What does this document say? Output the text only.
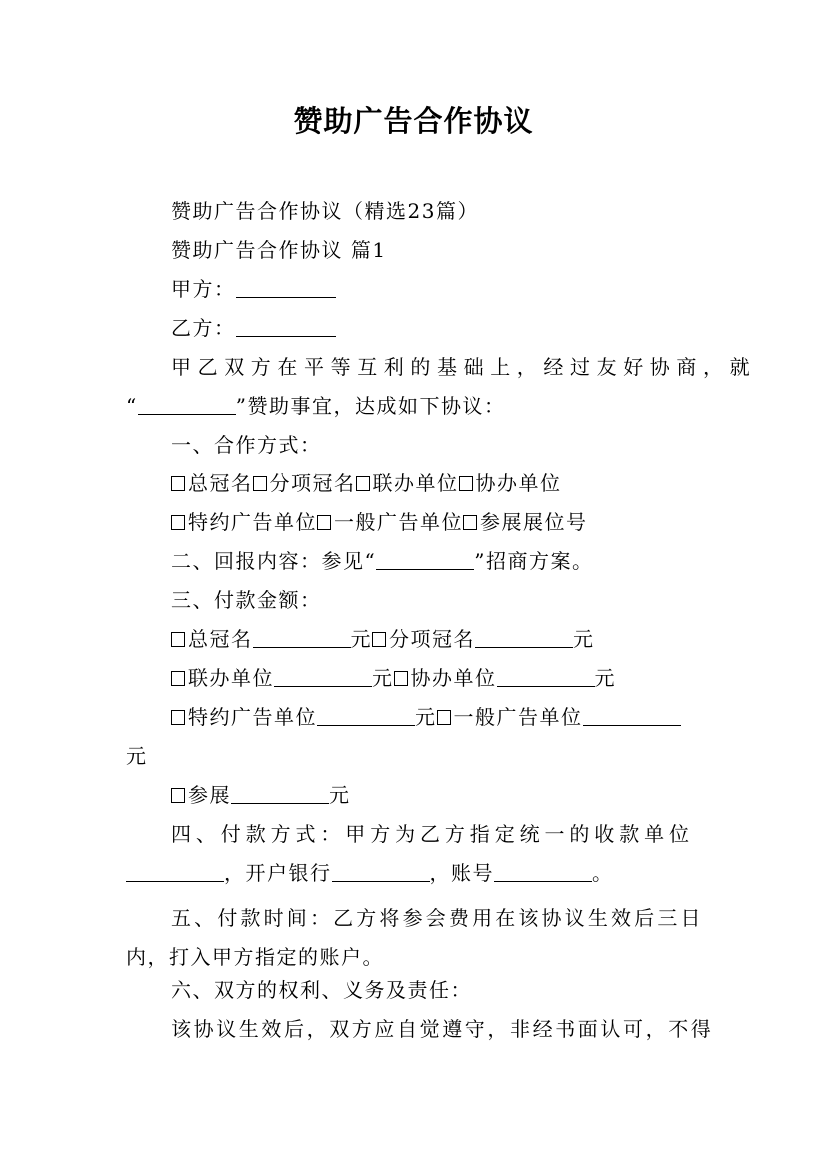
赞助广告合作协议
赞助广告合作协议（精选23篇）
赞助广告合作协议 篇1
甲方：
乙方：
甲乙双方在平等互利的基础上，经过友好协商，就
“	”赞助事宜，达成如下协议：
一、合作方式：
总冠名 分项冠名 联办单位 协办单位
特约广告单位 一般广告单位 参展展位号
二、回报内容：参见“	”招商方案。
三、付款金额：
总冠名	元 分项冠名	元
联办单位	元 协办单位	元
特约广告单位	元 一般广告单位
元
参展	元
四、付款方式：甲方为乙方指定统一的收款单位
，开户银行	，账号	。
五、付款时间：乙方将参会费用在该协议生效后三日内，打入甲方指定的账户。
六、双方的权利、义务及责任：
该协议生效后，双方应自觉遵守，非经书面认可，不得
